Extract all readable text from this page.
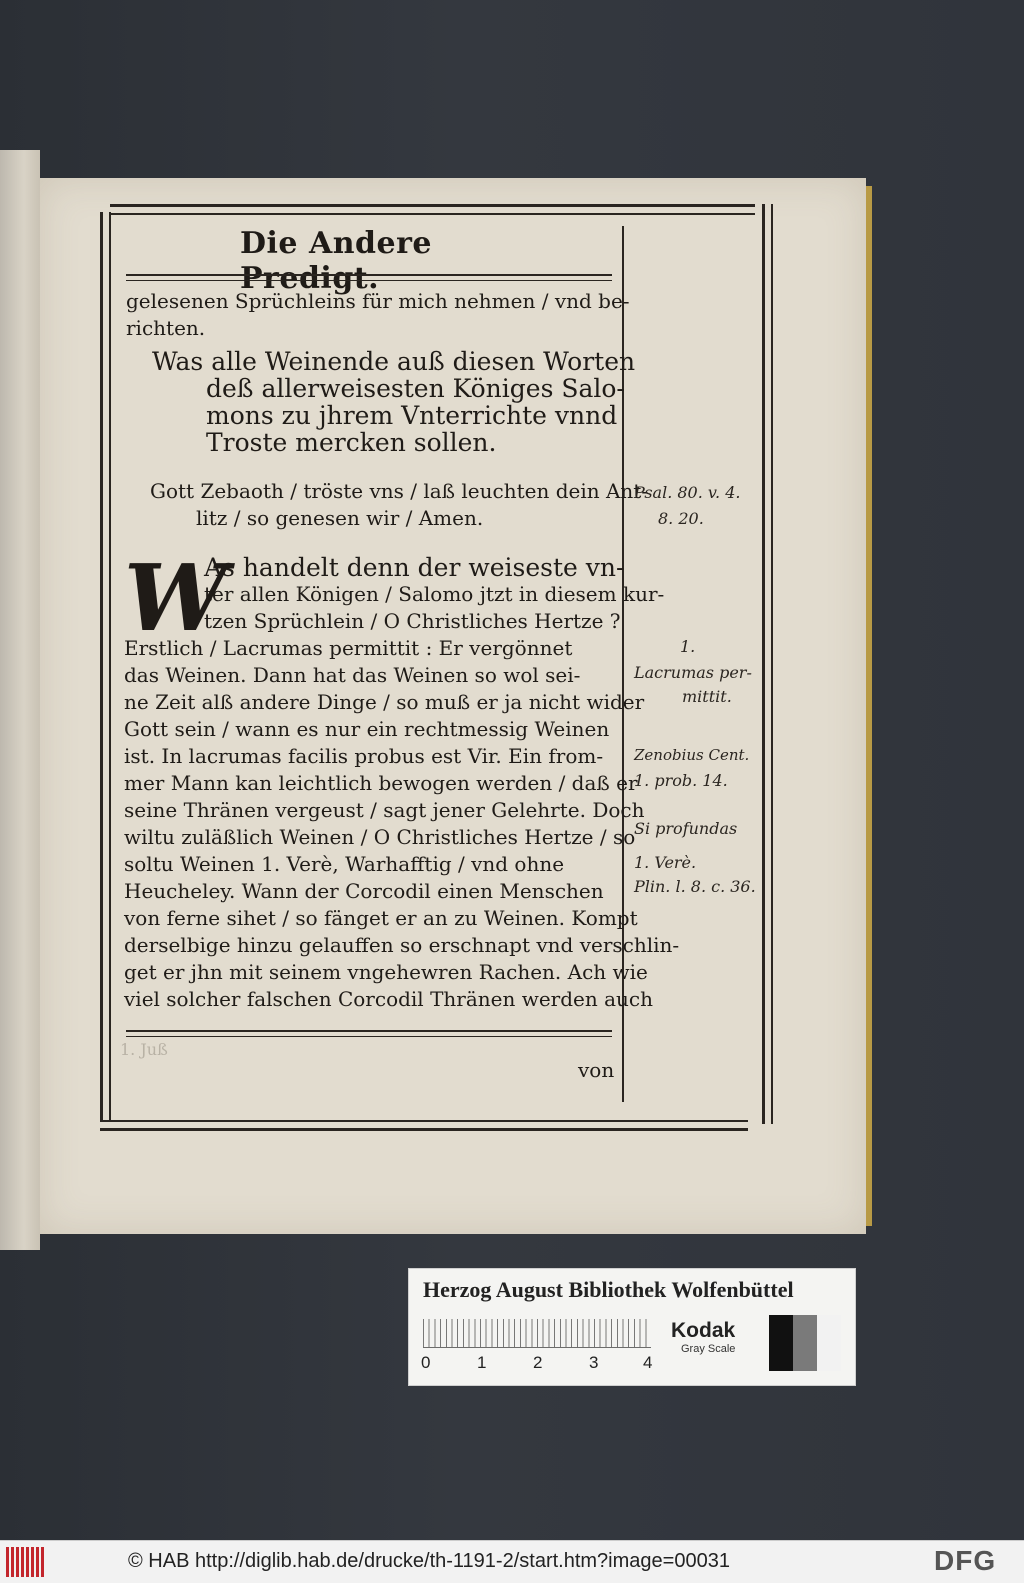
Die Andere Predigt.
gelesenen Sprüchleins für mich nehmen / vnd be-
richten.
Was alle Weinende auß diesen Worten
deß allerweisesten Königes Salo-
mons zu jhrem Vnterrichte vnnd
Troste mercken sollen.
Gott Zebaoth / tröste vns / laß leuchten dein Ant-
litz / so genesen wir / Amen.
W
As handelt denn der weiseste vn-
ter allen Königen / Salomo jtzt in diesem kur-
tzen Sprüchlein / O Christliches Hertze ?
Erstlich / Lacrumas permittit : Er vergönnet
das Weinen. Dann hat das Weinen so wol sei-
ne Zeit alß andere Dinge / so muß er ja nicht wider
Gott sein / wann es nur ein rechtmessig Weinen
ist. In lacrumas facilis probus est Vir. Ein from-
mer Mann kan leichtlich bewogen werden / daß er
seine Thränen vergeust / sagt jener Gelehrte. Doch
wiltu zuläßlich Weinen / O Christliches Hertze / so
soltu Weinen 1. Verè, Warhafftig / vnd ohne
Heucheley. Wann der Corcodil einen Menschen
von ferne sihet / so fänget er an zu Weinen. Kompt
derselbige hinzu gelauffen so erschnapt vnd verschlin-
get er jhn mit seinem vngehewren Rachen. Ach wie
viel solcher falschen Corcodil Thränen werden auch
1. Juß
von
Psal. 80. v. 4.
8. 20.
1.
Lacrumas per-
mittit.
Zenobius Cent.
1. prob. 14.
Si profundas
1. Verè.
Plin. l. 8. c. 36.
Herzog August Bibliothek Wolfenbüttel
0	1	2	3	4
Kodak
Gray Scale
© HAB http://diglib.hab.de/drucke/th-1191-2/start.htm?image=00031	DFG
